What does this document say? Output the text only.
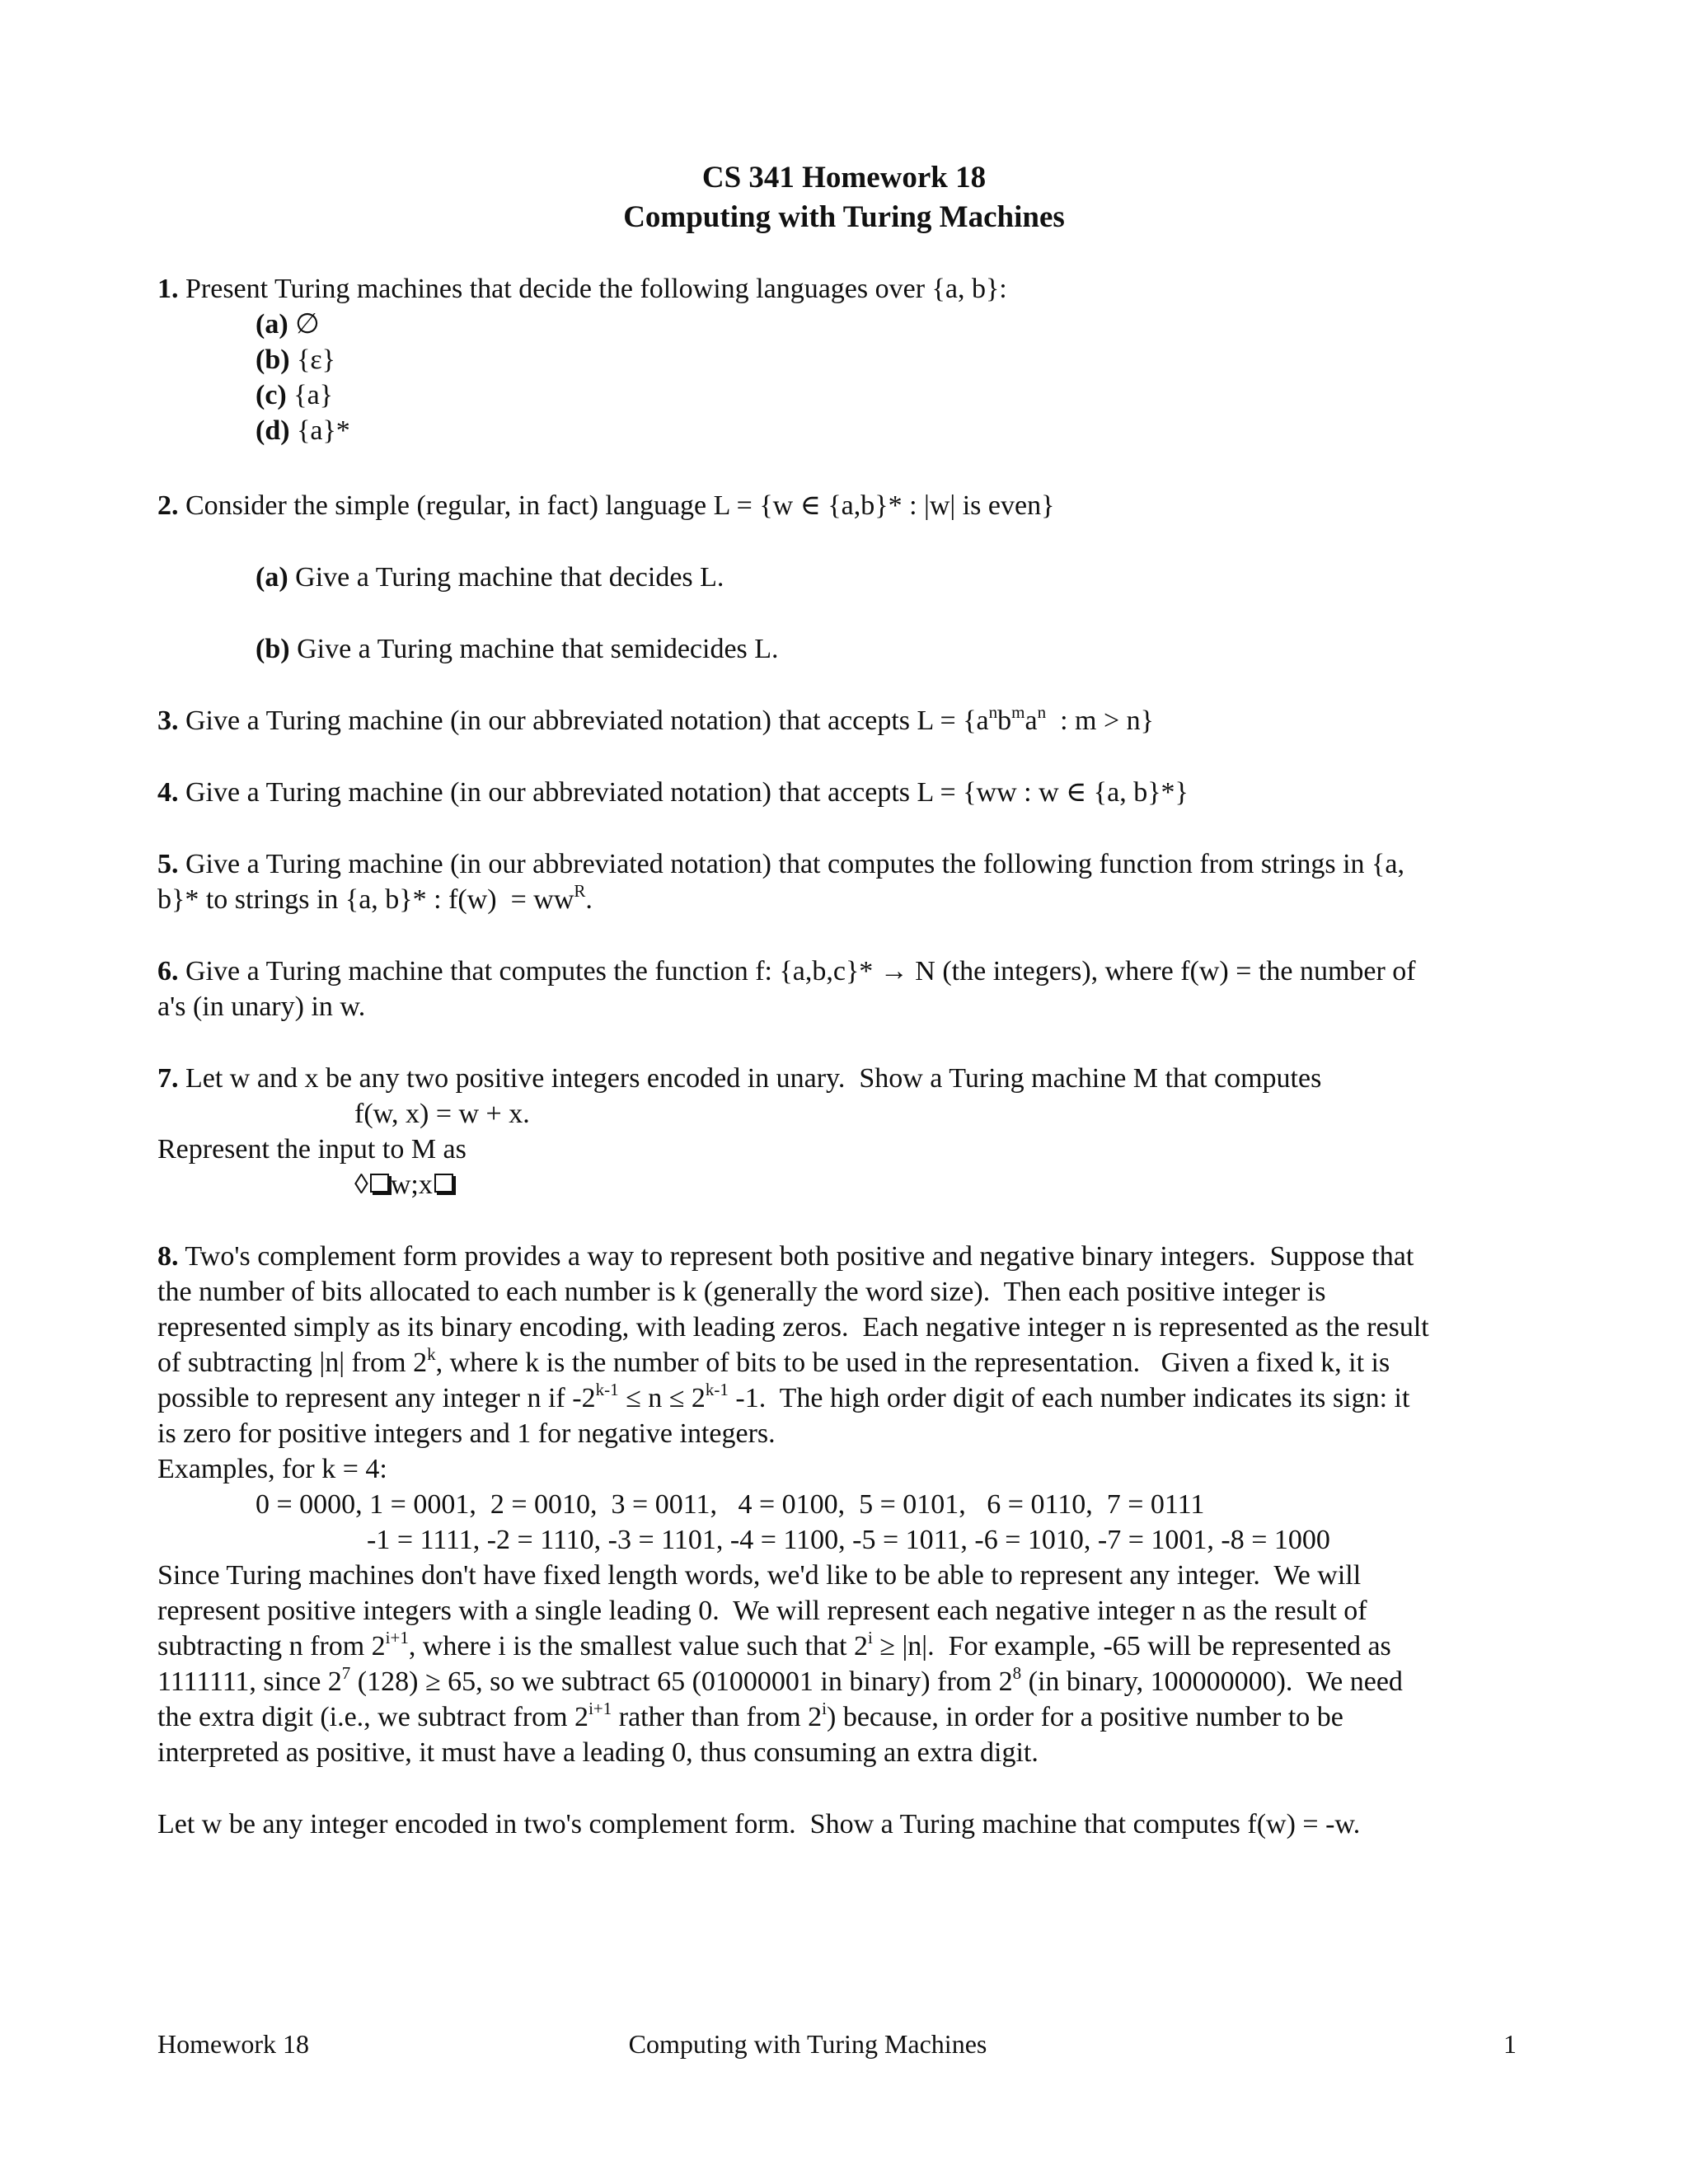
CS 341 Homework 18
Computing with Turing Machines
1. Present Turing machines that decide the following languages over {a, b}:
(a) ∅
(b) {ε}
(c) {a}
(d) {a}*
2. Consider the simple (regular, in fact) language L = {w ∈ {a,b}* : |w| is even}
(a) Give a Turing machine that decides L.
(b) Give a Turing machine that semidecides L.
3. Give a Turing machine (in our abbreviated notation) that accepts $L = \{a^nb^ma^n$  : m > n}
4. Give a Turing machine (in our abbreviated notation) that accepts L = {ww : w ∈ {a, b}*}
5. Give a Turing machine (in our abbreviated notation) that computes the following function from strings in {a,
b}* to strings in {a, b}* : $f(w) = ww^R$.
6. Give a Turing machine that computes the function f: {a,b,c}* → N (the integers), where f(w) = the number of
a's (in unary) in w.
7. Let w and x be any two positive integers encoded in unary.  Show a Turing machine M that computes
f(w, x) = w + x.
Represent the input to M as
◊ w;x
8. Two's complement form provides a way to represent both positive and negative binary integers.  Suppose that
the number of bits allocated to each number is k (generally the word size).  Then each positive integer is
represented simply as its binary encoding, with leading zeros.  Each negative integer n is represented as the result
of subtracting |n| from 2$^k$, where k is the number of bits to be used in the representation.   Given a fixed k, it is
possible to represent any integer n if $-2^{k-1} \le n \le 2^{k-1}$ -1.  The high order digit of each number indicates its sign: it
is zero for positive integers and 1 for negative integers.
Examples, for k = 4:
0 = 0000, 1 = 0001,  2 = 0010,  3 = 0011,   4 = 0100,  5 = 0101,   6 = 0110,  7 = 0111
-1 = 1111, -2 = 1110, -3 = 1101, -4 = 1100, -5 = 1011, -6 = 1010, -7 = 1001, -8 = 1000
Since Turing machines don't have fixed length words, we'd like to be able to represent any integer.  We will
represent positive integers with a single leading 0.  We will represent each negative integer n as the result of
subtracting n from $2^{i+1}$, where i is the smallest value such that $2^i \ge |n|$.  For example, -65 will be represented as
1111111, since $2^7$ (128) ≥ 65, so we subtract 65 (01000001 in binary) from $2^8$ (in binary, 100000000).  We need
the extra digit (i.e., we subtract from $2^{i+1}$ rather than from 2$^i$) because, in order for a positive number to be
interpreted as positive, it must have a leading 0, thus consuming an extra digit.
Let w be any integer encoded in two's complement form.  Show a Turing machine that computes f(w) = -w.
Homework 18	Computing with Turing Machines	1
